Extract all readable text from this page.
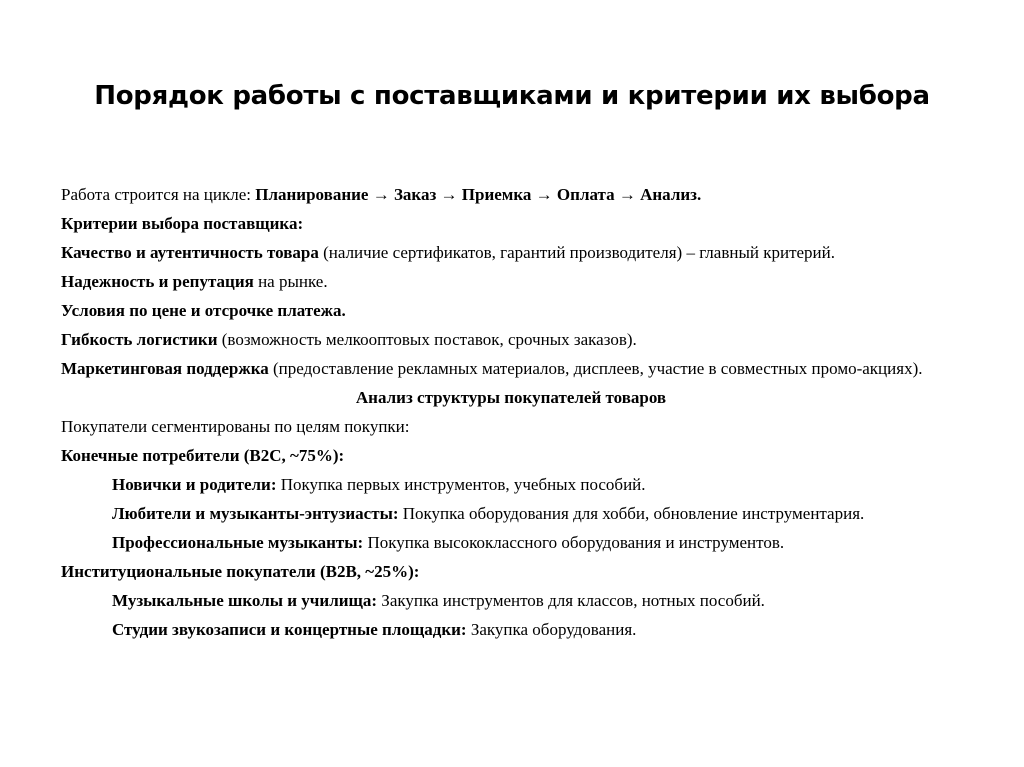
Порядок работы с поставщиками и критерии их выбора

Работа строится на цикле: Планирование → Заказ → Приемка → Оплата → Анализ.

Критерии выбора поставщика:

Качество и аутентичность товара (наличие сертификатов, гарантий производителя) – главный критерий.

Надежность и репутация на рынке.

Условия по цене и отсрочке платежа.

Гибкость логистики (возможность мелкооптовых поставок, срочных заказов).

Маркетинговая поддержка (предоставление рекламных материалов, дисплеев, участие в совместных промо-акциях).

Анализ структуры покупателей товаров

Покупатели сегментированы по целям покупки:

Конечные потребители (B2C, ~75%):

Новички и родители: Покупка первых инструментов, учебных пособий.

Любители и музыканты-энтузиасты: Покупка оборудования для хобби, обновление инструментария.

Профессиональные музыканты: Покупка высококлассного оборудования и инструментов.

Институциональные покупатели (B2B, ~25%):

Музыкальные школы и училища: Закупка инструментов для классов, нотных пособий.

Студии звукозаписи и концертные площадки: Закупка оборудования.
